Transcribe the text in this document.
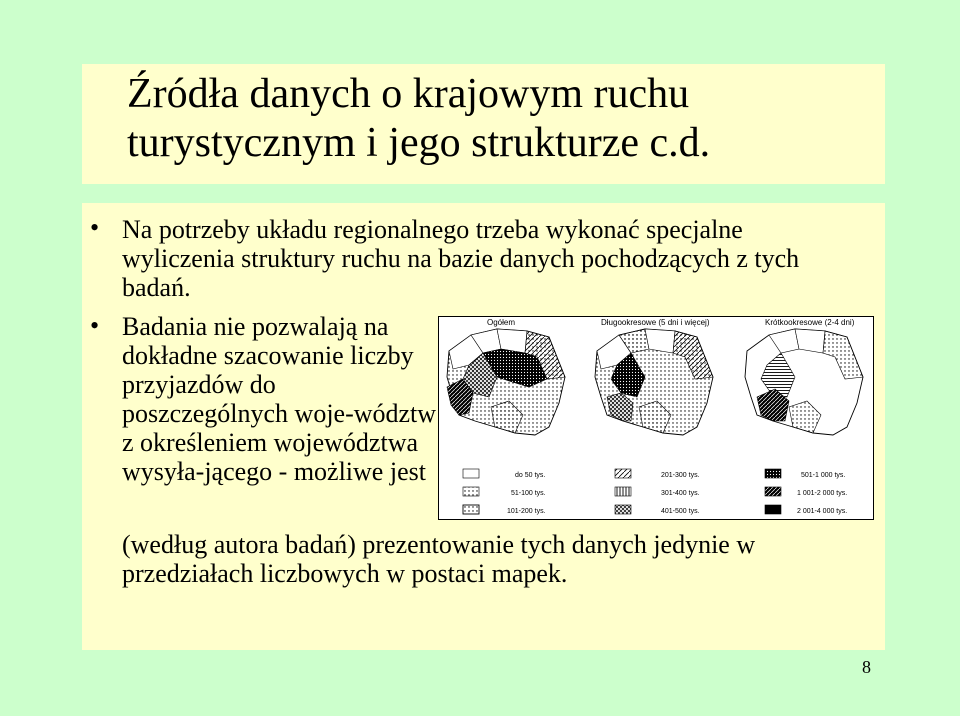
Źródła danych o krajowym ruchu turystycznym i jego strukturze c.d.
• Na potrzeby układu regionalnego trzeba wykonać specjalne wyliczenia struktury ruchu na bazie danych pochodzących z tych badań.

• Badania nie pozwalają na dokładne szacowanie liczby przyjazdów do poszczególnych woje-wództw z określeniem województwa wysyła-jącego - możliwe jest

(według autora badań) prezentowanie tych danych jedynie w przedziałach liczbowych w postaci mapek.
Ogółem	Długookresowe (5 dni i więcej)	Krótkookresowe (2-4 dni)
do 50 tys.
51-100 tys.
101-200 tys.
201-300 tys.
301-400 tys.
401-500 tys.
501-1 000 tys.
1 001-2 000 tys.
2 001-4 000 tys.
8
